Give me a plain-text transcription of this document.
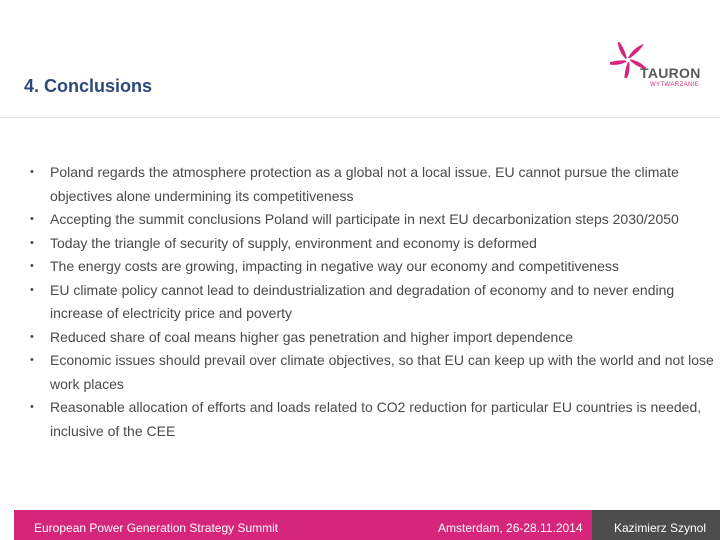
4. Conclusions
TAURON
WYTWARZANIE
• Poland regards the atmosphere protection as a global not a local issue. EU cannot pursue the climate objectives alone undermining its competitiveness
• Accepting the summit conclusions Poland will participate in next EU decarbonization steps 2030/2050
• Today the triangle of security of supply, environment and economy is deformed
• The energy costs are growing, impacting in negative way our economy and competitiveness
• EU climate policy cannot lead to deindustrialization and degradation of economy and to never ending increase of electricity price and poverty
• Reduced share of coal means higher gas penetration and higher import dependence
• Economic issues should prevail over climate objectives, so that EU can keep up with the world and not lose work places
• Reasonable allocation of efforts and loads related to CO2 reduction for particular EU countries is needed, inclusive of the CEE
European Power Generation Strategy Summit	Amsterdam, 26-28.11.2014	Kazimierz Szynol
